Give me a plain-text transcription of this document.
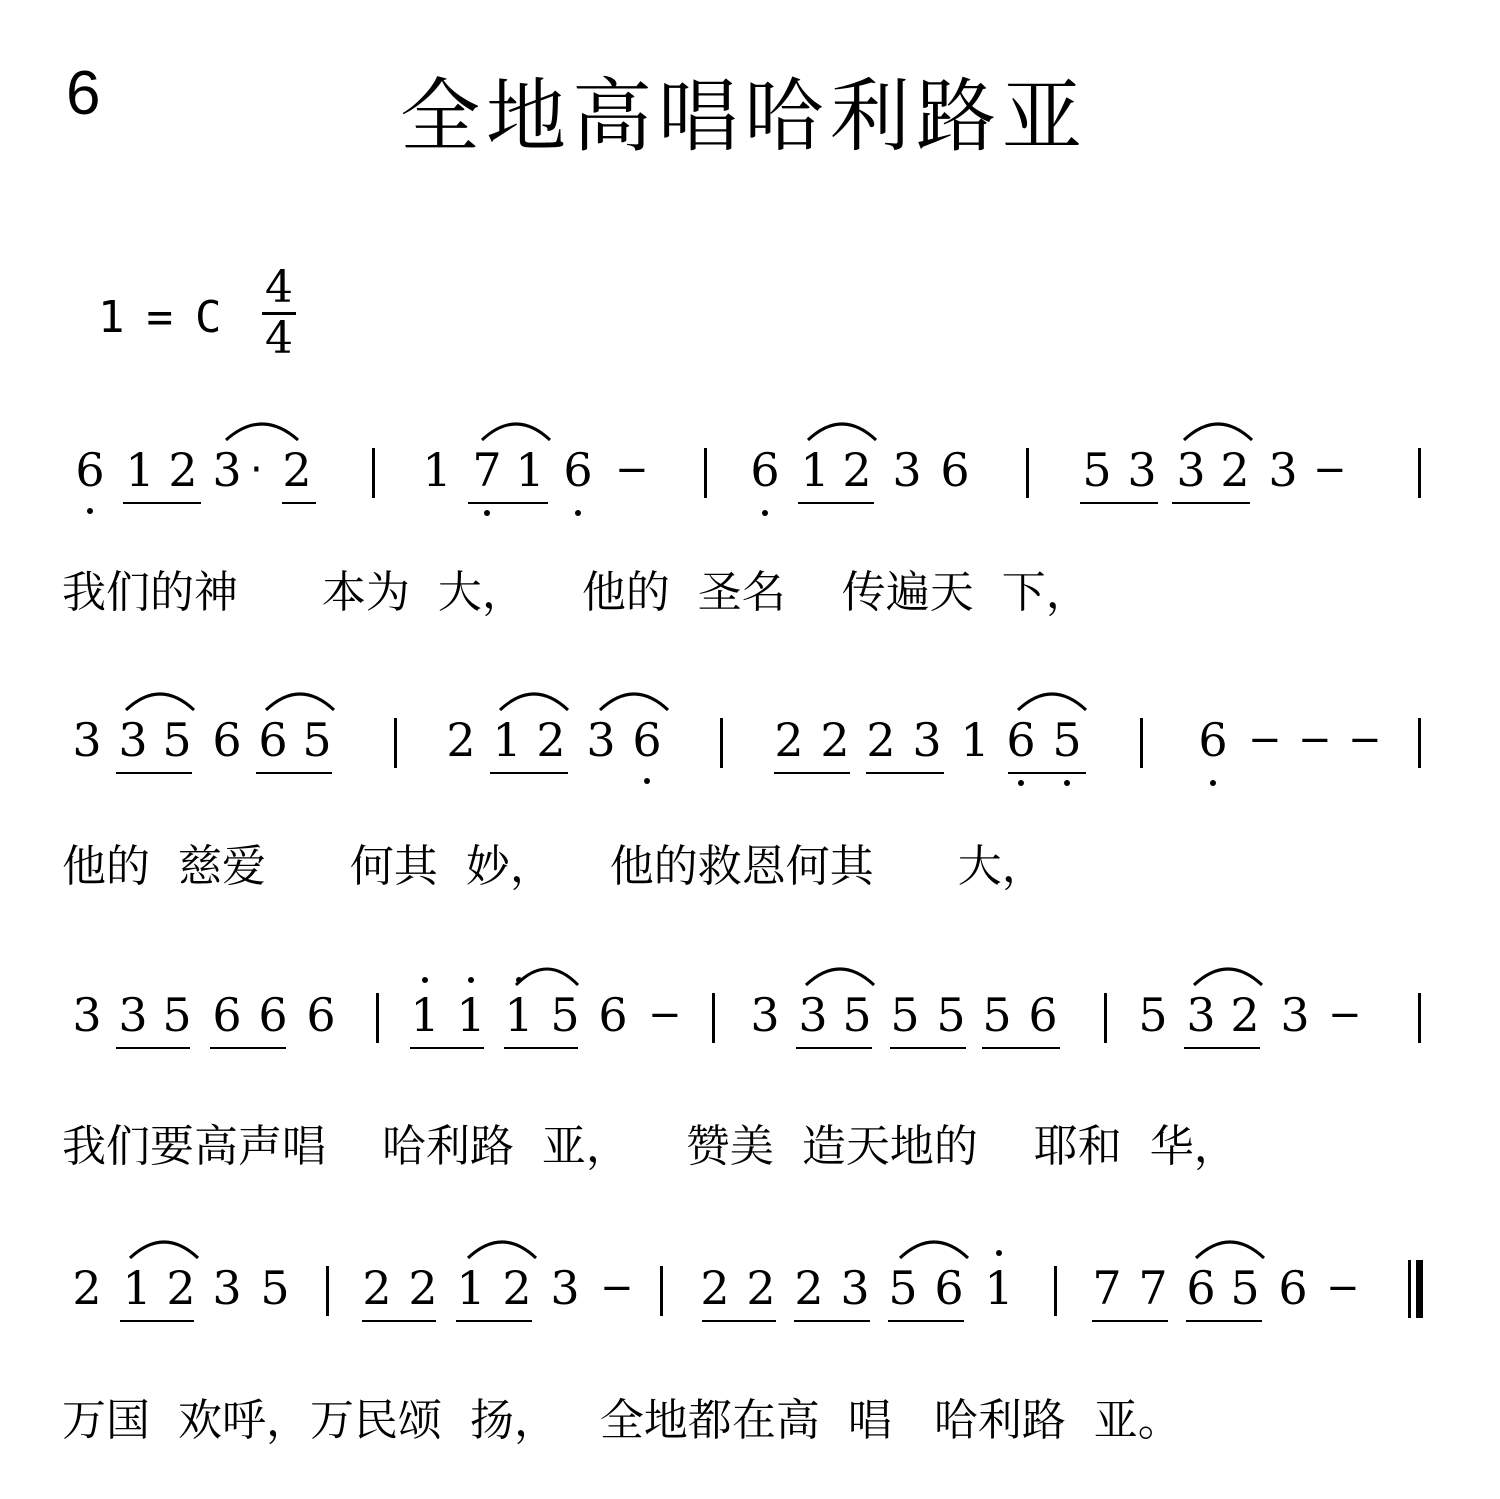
6	全地高唱哈利路亚
1 = C
4
4
6 1 2 3 · 2 1 7 1 6 − 6 1 2 3 6 5 3 3 2 3 −
我们的神      本为  大，    他的  圣名    传遍天  下，
3 3 5 6 6 5 2 1 2 3 6 2 2 2 3 1 6 5	6 − − −
他的  慈爱      何其  妙，    他的救恩何其      大，
3 3 5 6 6 6 1 1 1 5 6 − 3 3 5 5 5 5 6 5 3 2 3 −
我们要高声唱    哈利路  亚，    赞美  造天地的    耶和  华，
2 1 2 3 5 2 2 1 2 3 − 2 2 2 3 5 6 1 7 7 6 5 6 −
万国  欢呼，万民颂  扬，   全地都在高  唱   哈利路  亚。
